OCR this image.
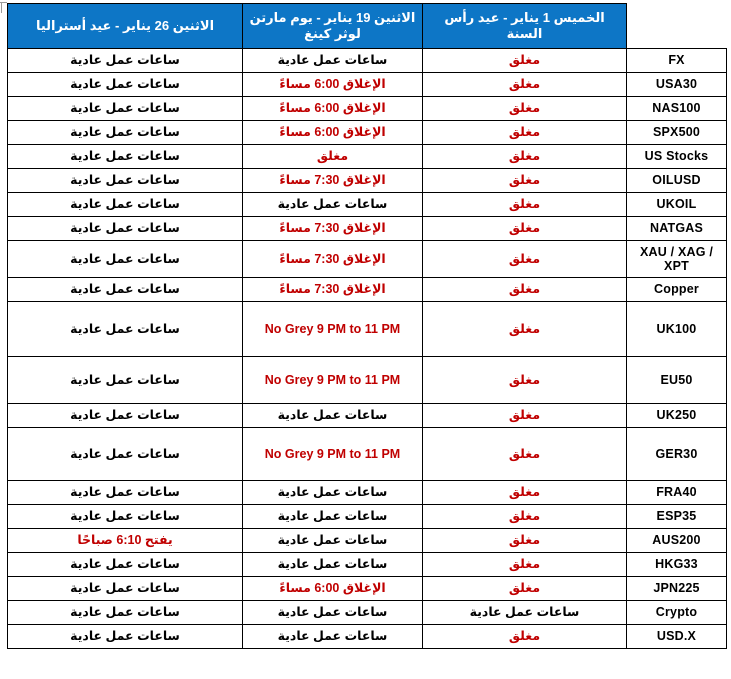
	الخميس 1 يناير - عيد رأس السنة	الاثنين 19 يناير - يوم مارتن لوثر كينغ	الاثنين 26 يناير - عيد أستراليا
FX	مغلق	ساعات عمل عادية	ساعات عمل عادية
USA30	مغلق	الإغلاق 6:00 مساءً	ساعات عمل عادية
NAS100	مغلق	الإغلاق 6:00 مساءً	ساعات عمل عادية
SPX500	مغلق	الإغلاق 6:00 مساءً	ساعات عمل عادية
US Stocks	مغلق	مغلق	ساعات عمل عادية
OILUSD	مغلق	الإغلاق 7:30 مساءً	ساعات عمل عادية
UKOIL	مغلق	ساعات عمل عادية	ساعات عمل عادية
NATGAS	مغلق	الإغلاق 7:30 مساءً	ساعات عمل عادية
XAU / XAG / XPT	مغلق	الإغلاق 7:30 مساءً	ساعات عمل عادية
Copper	مغلق	الإغلاق 7:30 مساءً	ساعات عمل عادية
UK100	مغلق	No Grey 9 PM to 11 PM	ساعات عمل عادية
EU50	مغلق	No Grey 9 PM to 11 PM	ساعات عمل عادية
UK250	مغلق	ساعات عمل عادية	ساعات عمل عادية
GER30	مغلق	No Grey 9 PM to 11 PM	ساعات عمل عادية
FRA40	مغلق	ساعات عمل عادية	ساعات عمل عادية
ESP35	مغلق	ساعات عمل عادية	ساعات عمل عادية
AUS200	مغلق	ساعات عمل عادية	يفتح 6:10 صباحًا
HKG33	مغلق	ساعات عمل عادية	ساعات عمل عادية
JPN225	مغلق	الإغلاق 6:00 مساءً	ساعات عمل عادية
Crypto	ساعات عمل عادية	ساعات عمل عادية	ساعات عمل عادية
USD.X	مغلق	ساعات عمل عادية	ساعات عمل عادية
